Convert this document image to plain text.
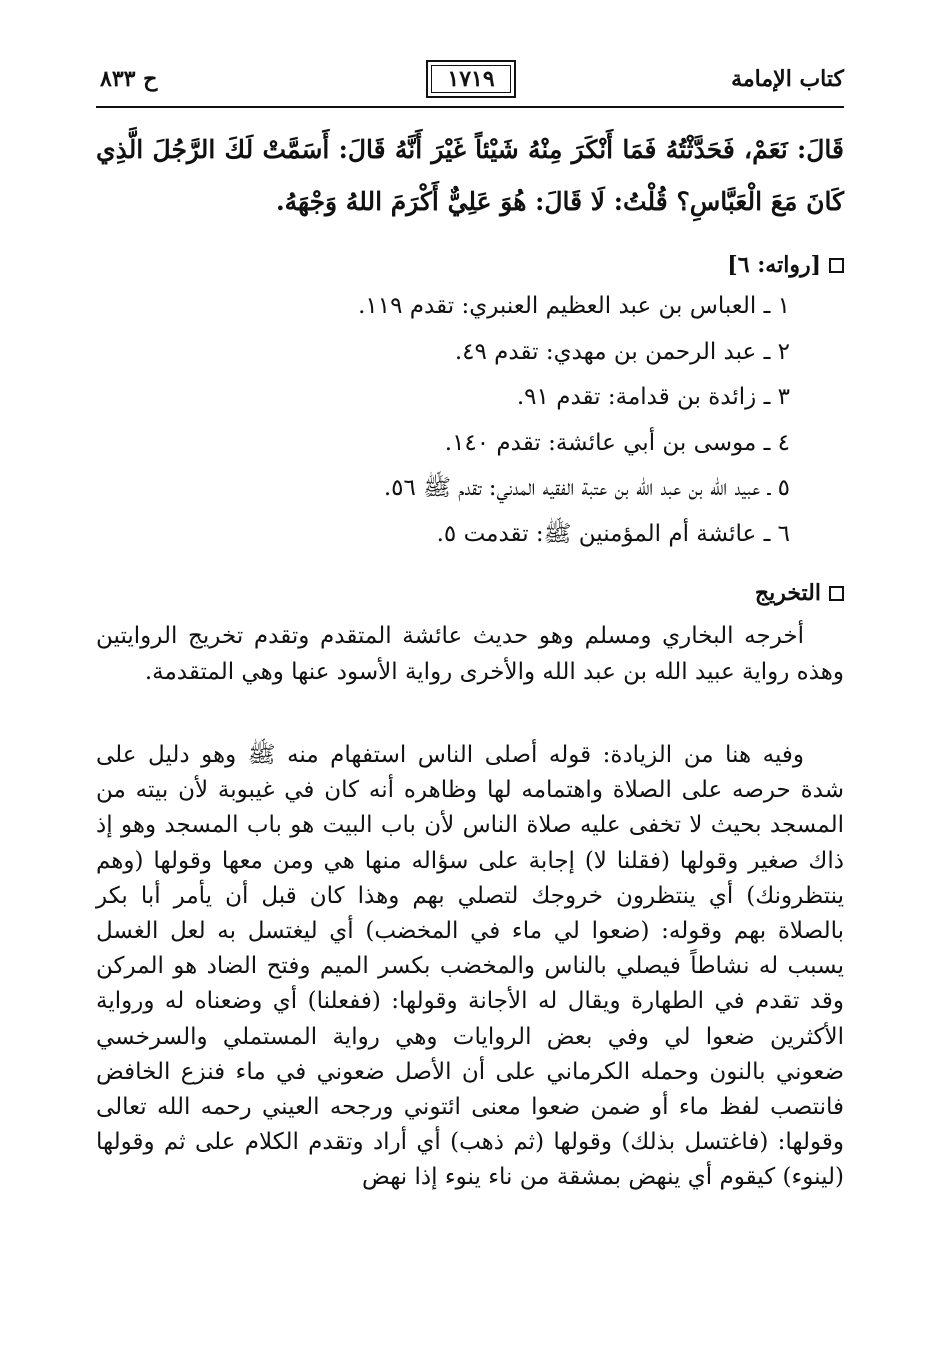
كتاب الإمامة
١٧١٩
ح ٨٣٣
قَالَ: نَعَمْ، فَحَدَّثْتُهُ فَمَا أَنْكَرَ مِنْهُ شَيْئاً غَيْرَ أَنَّهُ قَالَ: أَسَمَّتْ لَكَ الرَّجُلَ الَّذِي كَانَ مَعَ الْعَبَّاسِ؟ قُلْتُ: لَا قَالَ: هُوَ عَلِيٌّ أَكْرَمَ اللهُ وَجْهَهُ.
[رواته: ٦]
١ ـ العباس بن عبد العظيم العنبري: تقدم ١١٩.
٢ ـ عبد الرحمن بن مهدي: تقدم ٤٩.
٣ ـ زائدة بن قدامة: تقدم ٩١.
٤ ـ موسى بن أبي عائشة: تقدم ١٤٠.
٥ ـ عبيد الله بن عبد الله بن عتبة الفقيه المدني: تقدم ﷺ ٥٦.
٦ ـ عائشة أم المؤمنين ﷺ: تقدمت ٥.
التخريج
أخرجه البخاري ومسلم وهو حديث عائشة المتقدم وتقدم تخريج الروايتين وهذه رواية عبيد الله بن عبد الله والأخرى رواية الأسود عنها وهي المتقدمة.
وفيه هنا من الزيادة: قوله أصلى الناس استفهام منه ﷺ وهو دليل على شدة حرصه على الصلاة واهتمامه لها وظاهره أنه كان في غيبوبة لأن بيته من المسجد بحيث لا تخفى عليه صلاة الناس لأن باب البيت هو باب المسجد وهو إذ ذاك صغير وقولها (فقلنا لا) إجابة على سؤاله منها هي ومن معها وقولها (وهم ينتظرونك) أي ينتظرون خروجك لتصلي بهم وهذا كان قبل أن يأمر أبا بكر بالصلاة بهم وقوله: (ضعوا لي ماء في المخضب) أي ليغتسل به لعل الغسل يسبب له نشاطاً فيصلي بالناس والمخضب بكسر الميم وفتح الضاد هو المركن وقد تقدم في الطهارة ويقال له الأجانة وقولها: (ففعلنا) أي وضعناه له ورواية الأكثرين ضعوا لي وفي بعض الروايات وهي رواية المستملي والسرخسي ضعوني بالنون وحمله الكرماني على أن الأصل ضعوني في ماء فنزع الخافض فانتصب لفظ ماء أو ضمن ضعوا معنى ائتوني ورجحه العيني رحمه الله تعالى وقولها: (فاغتسل بذلك) وقولها (ثم ذهب) أي أراد وتقدم الكلام على ثم وقولها (لينوء) كيقوم أي ينهض بمشقة من ناء ينوء إذا نهض
